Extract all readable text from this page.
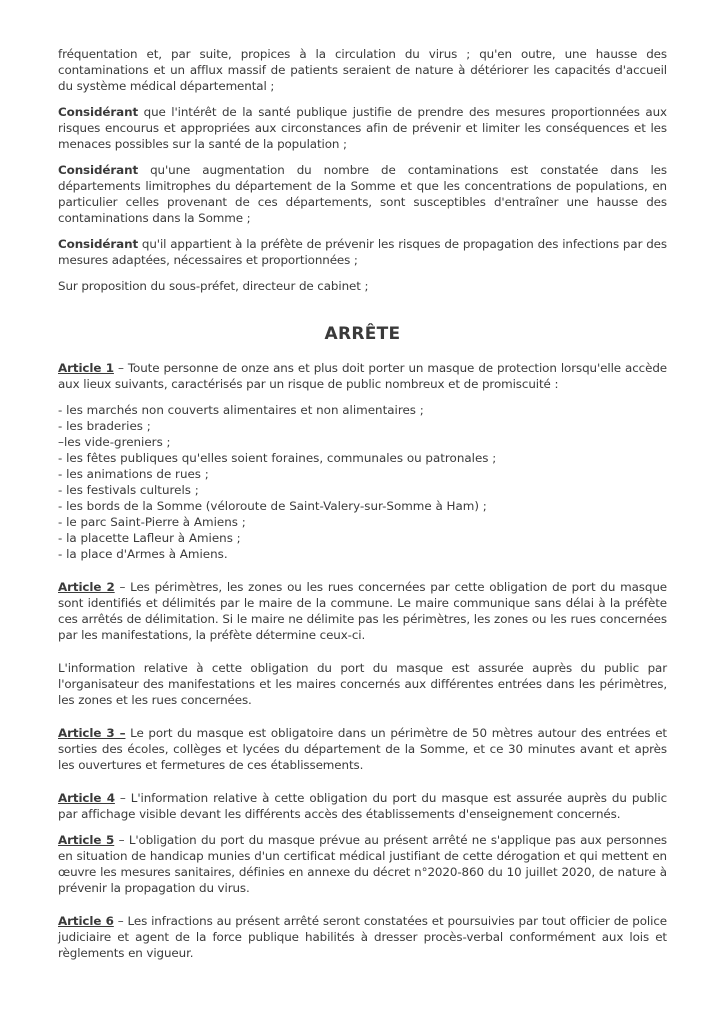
fréquentation et, par suite, propices à la circulation du virus ; qu'en outre, une hausse des contaminations et un afflux massif de patients seraient de nature à détériorer les capacités d'accueil du système médical départemental ;

Considérant que l'intérêt de la santé publique justifie de prendre des mesures proportionnées aux risques encourus et appropriées aux circonstances afin de prévenir et limiter les conséquences et les menaces possibles sur la santé de la population ;

Considérant qu'une augmentation du nombre de contaminations est constatée dans les départements limitrophes du département de la Somme et que les concentrations de populations, en particulier celles provenant de ces départements, sont susceptibles d'entraîner une hausse des contaminations dans la Somme ;

Considérant qu'il appartient à la préfète de prévenir les risques de propagation des infections par des mesures adaptées, nécessaires et proportionnées ;

Sur proposition du sous-préfet, directeur de cabinet ;

ARRÊTE

Article 1 – Toute personne de onze ans et plus doit porter un masque de protection lorsqu'elle accède aux lieux suivants, caractérisés par un risque de public nombreux et de promiscuité :

- les marchés non couverts alimentaires et non alimentaires ;
- les braderies ;
–les vide-greniers ;
- les fêtes publiques qu'elles soient foraines, communales ou patronales ;
- les animations de rues ;
- les festivals culturels ;
- les bords de la Somme (véloroute de Saint-Valery-sur-Somme à Ham) ;
- le parc Saint-Pierre à Amiens ;
- la placette Lafleur à Amiens ;
- la place d'Armes à Amiens.

Article 2 – Les périmètres, les zones ou les rues concernées par cette obligation de port du masque sont identifiés et délimités par le maire de la commune. Le maire communique sans délai à la préfète ces arrêtés de délimitation. Si le maire ne délimite pas les périmètres, les zones ou les rues concernées par les manifestations, la préfète détermine ceux-ci.

L'information relative à cette obligation du port du masque est assurée auprès du public par l'organisateur des manifestations et les maires concernés aux différentes entrées dans les périmètres, les zones et les rues concernées.

Article 3 – Le port du masque est obligatoire dans un périmètre de 50 mètres autour des entrées et sorties des écoles, collèges et lycées du département de la Somme, et ce 30 minutes avant et après les ouvertures et fermetures de ces établissements.

Article 4 – L'information relative à cette obligation du port du masque est assurée auprès du public par affichage visible devant les différents accès des établissements d'enseignement concernés.

Article 5 – L'obligation du port du masque prévue au présent arrêté ne s'applique pas aux personnes en situation de handicap munies d'un certificat médical justifiant de cette dérogation et qui mettent en œuvre les mesures sanitaires, définies en annexe du décret n°2020-860 du 10 juillet 2020, de nature à prévenir la propagation du virus.

Article 6 – Les infractions au présent arrêté seront constatées et poursuivies par tout officier de police judiciaire et agent de la force publique habilités à dresser procès-verbal conformément aux lois et règlements en vigueur.
